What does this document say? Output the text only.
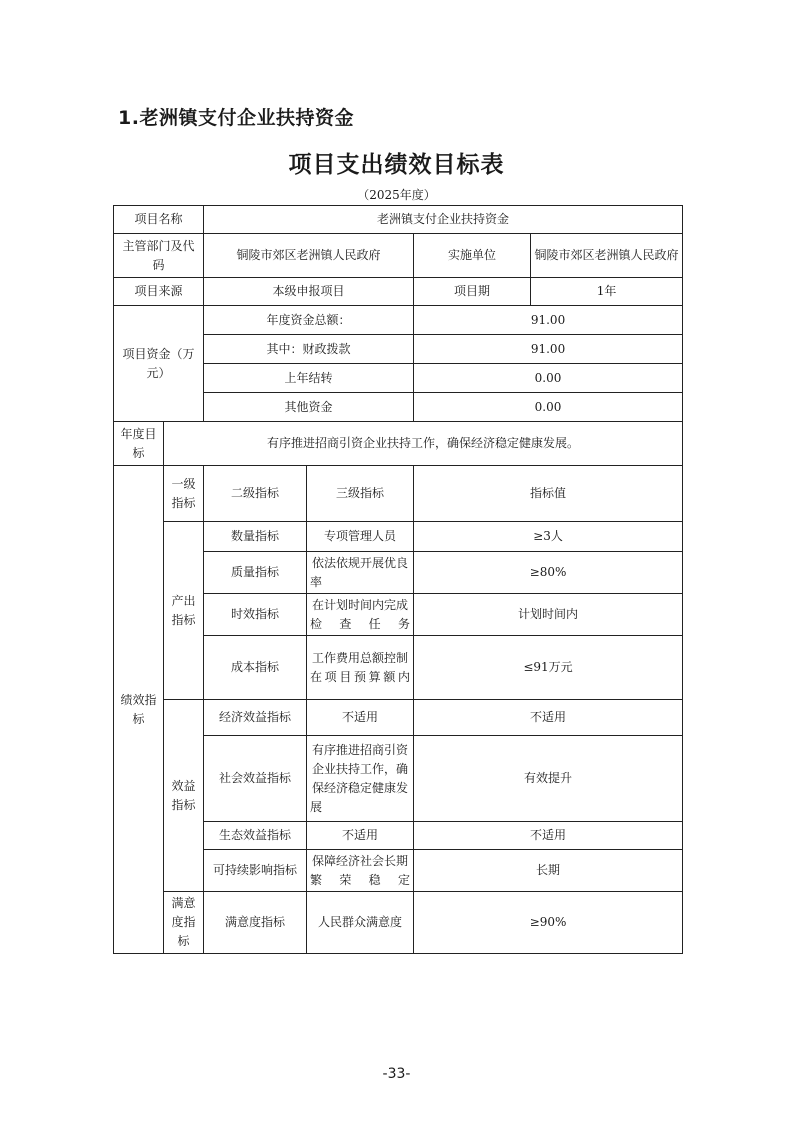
1.老洲镇支付企业扶持资金
项目支出绩效目标表
（2025年度）
项目名称		老洲镇支付企业扶持资金			
主管部门及代码		铜陵市郊区老洲镇人民政府		实施单位	铜陵市郊区老洲镇人民政府
项目来源		本级申报项目		项目期	1年
项目资金（万元）		年度资金总额：		91.00	
		其中：财政拨款		91.00	
		上年结转		0.00	
		其他资金		0.00	
年度目标	有序推进招商引资企业扶持工作，确保经济稳定健康发展。				
绩效指标	一级指标	二级指标	三级指标	指标值	
	产出指标	数量指标	专项管理人员	≥3人	
		质量指标	依法依规开展优良率	≥80%	
		时效指标	在计划时间内完成检查任务	计划时间内	
		成本指标	工作费用总额控制在项目预算额内	≤91万元	
	效益指标	经济效益指标	不适用	不适用	
		社会效益指标	有序推进招商引资企业扶持工作，确保经济稳定健康发展	有效提升	
		生态效益指标	不适用	不适用	
		可持续影响指标	保障经济社会长期繁荣稳定	长期	
	满意度指标	满意度指标	人民群众满意度	≥90%	
-33-
